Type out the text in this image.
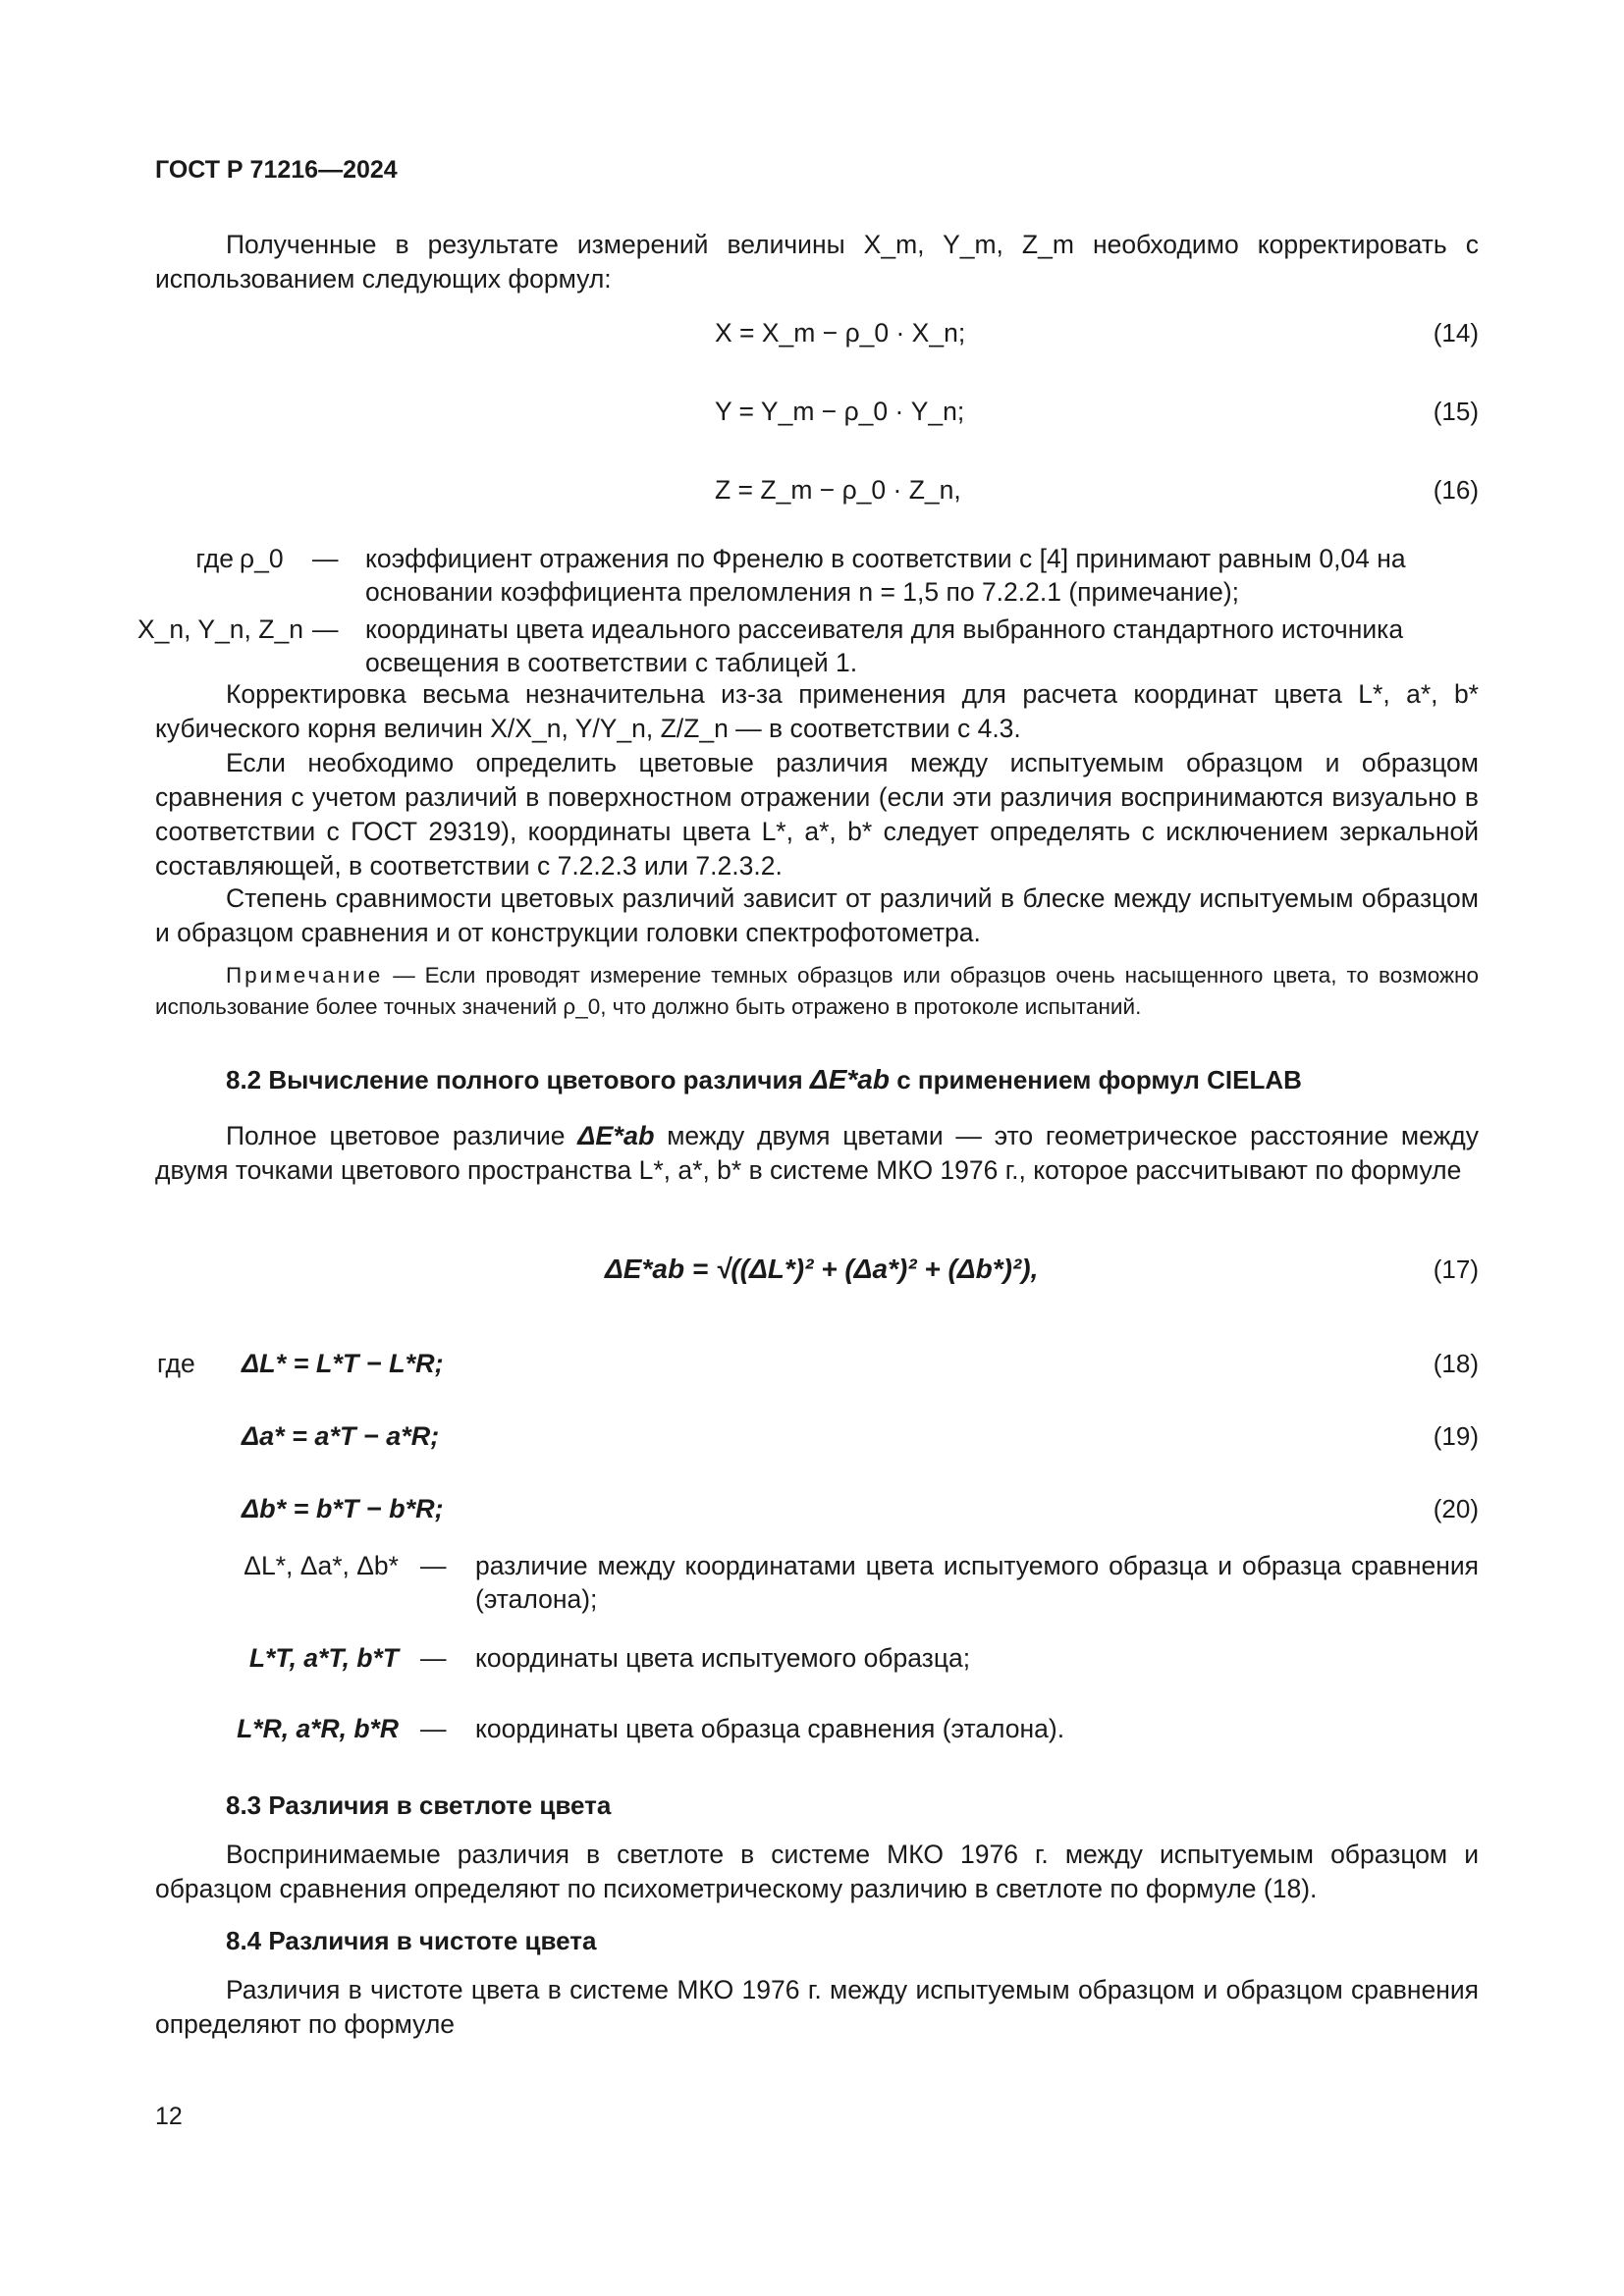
ГОСТ Р 71216—2024
Полученные в результате измерений величины X_m, Y_m, Z_m необходимо корректировать с использованием следующих формул:
X = X_m − ρ_0 · X_n;	(14)
Y = Y_m − ρ_0 · Y_n;	(15)
Z = Z_m − ρ_0 · Z_n,	(16)
где ρ_0	— коэффициент отражения по Френелю в соответствии с [4] принимают равным 0,04 на основании коэффициента преломления n = 1,5 по 7.2.2.1 (примечание);
X_n, Y_n, Z_n — координаты цвета идеального рассеивателя для выбранного стандартного источника освещения в соответствии с таблицей 1.
Корректировка весьма незначительна из-за применения для расчета координат цвета L*, a*, b* кубического корня величин X/X_n, Y/Y_n, Z/Z_n — в соответствии с 4.3.
Если необходимо определить цветовые различия между испытуемым образцом и образцом сравнения с учетом различий в поверхностном отражении (если эти различия воспринимаются визуально в соответствии с ГОСТ 29319), координаты цвета L*, a*, b* следует определять с исключением зеркальной составляющей, в соответствии с 7.2.2.3 или 7.2.3.2.
Степень сравнимости цветовых различий зависит от различий в блеске между испытуемым образцом и образцом сравнения и от конструкции головки спектрофотометра.
Примечание — Если проводят измерение темных образцов или образцов очень насыщенного цвета, то возможно использование более точных значений ρ_0, что должно быть отражено в протоколе испытаний.
8.2 Вычисление полного цветового различия ΔE*ab с применением формул CIELAB
Полное цветовое различие ΔE*ab между двумя цветами — это геометрическое расстояние между двумя точками цветового пространства L*, a*, b* в системе МКО 1976 г., которое рассчитывают по формуле
ΔE*ab = √((ΔL*)² + (Δa*)² + (Δb*)²),	(17)
где	ΔL* = L*T − L*R;	(18)
Δa* = a*T − a*R;	(19)
Δb* = b*T − b*R;	(20)
ΔL*, Δa*, Δb* — различие между координатами цвета испытуемого образца и образца сравнения (эталона);
L*T, a*T, b*T — координаты цвета испытуемого образца;
L*R, a*R, b*R — координаты цвета образца сравнения (эталона).
8.3 Различия в светлоте цвета
Воспринимаемые различия в светлоте в системе МКО 1976 г. между испытуемым образцом и образцом сравнения определяют по психометрическому различию в светлоте по формуле (18).
8.4 Различия в чистоте цвета
Различия в чистоте цвета в системе МКО 1976 г. между испытуемым образцом и образцом сравнения определяют по формуле
12
